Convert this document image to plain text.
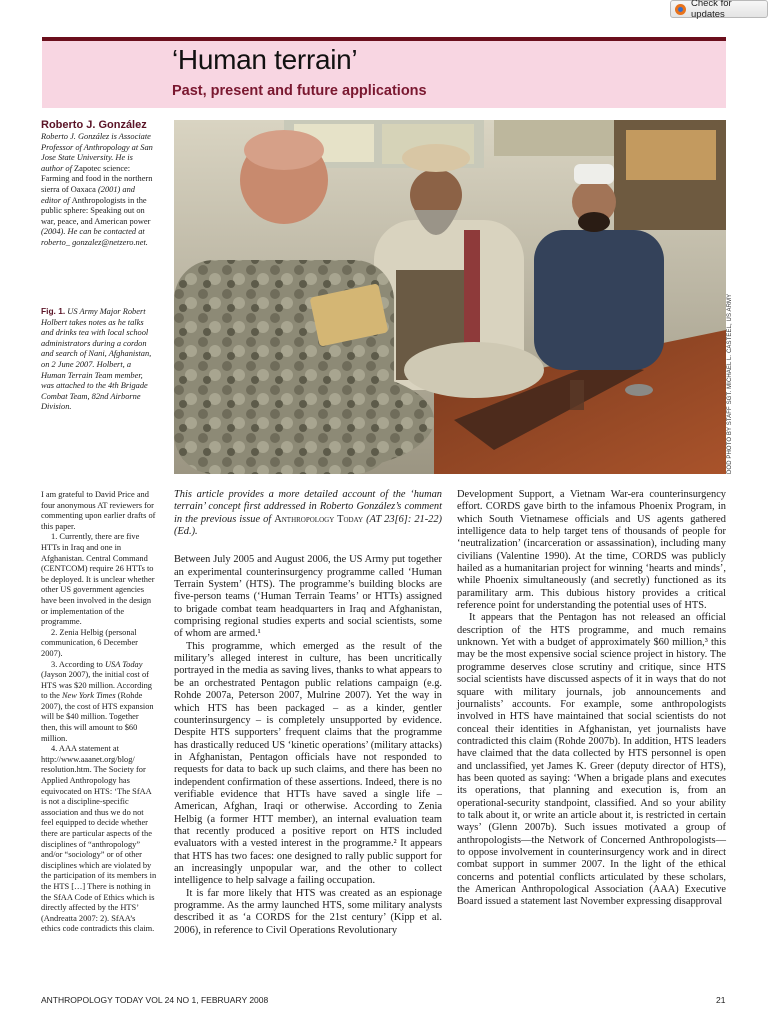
Check for updates
‘Human terrain’
Past, present and future applications
Roberto J. González
Roberto J. González is Associate Professor of Anthropology at San Jose State University. He is author of Zapotec science: Farming and food in the northern sierra of Oaxaca (2001) and editor of Anthropologists in the public sphere: Speaking out on war, peace, and American power (2004). He can be contacted at roberto_ gonzalez@netzero.net.
Fig. 1. US Army Major Robert Holbert takes notes as he talks and drinks tea with local school administrators during a cordon and search of Nani, Afghanistan, on 2 June 2007. Holbert, a Human Terrain Team member, was attached to the 4th Brigade Combat Team, 82nd Airborne Division.	DOD PHOTO BY STAFF SGT. MICHAEL L. CASTEEL, US ARMY

I am grateful to David Price and four anonymous AT reviewers for commenting upon earlier drafts of this paper.

1. Currently, there are five HTTs in Iraq and one in Afghanistan. Central Command (CENTCOM) require 26 HTTs to be deployed. It is unclear whether other US government agencies have been involved in the design or implementation of the programme.

2. Zenia Helbig (personal communication, 6 December 2007).

3. According to USA Today (Jayson 2007), the initial cost of HTS was $20 million. According to the New York Times (Rohde 2007), the cost of HTS expansion will be $40 million. Together then, this will amount to $60 million.

4. AAA statement at http://www.aaanet.org/blog/ resolution.htm. The Society for Applied Anthropology has equivocated on HTS: ‘The SfAA is not a discipline-specific association and thus we do not feel equipped to decide whether there are particular aspects of the disciplines of “anthropology” and/or “sociology” or of other disciplines which are violated by the participation of its members in the HTS […] There is nothing in the SfAA Code of Ethics which is directly affected by the HTS’ (Andreatta 2007: 2). SfAA’s ethics code contradicts this claim.

This article provides a more detailed account of the ‘human terrain’ concept first addressed in Roberto González’s comment in the previous issue of Anthropology Today (AT 23[6]: 21-22) (Ed.).

Between July 2005 and August 2006, the US Army put together an experimental counterinsurgency programme called ‘Human Terrain System’ (HTS). The programme’s building blocks are five-person teams (‘Human Terrain Teams’ or HTTs) assigned to brigade combat team headquarters in Iraq and Afghanistan, comprising regional studies experts and social scientists, some of whom are armed.¹

This programme, which emerged as the result of the military’s alleged interest in culture, has been uncritically portrayed in the media as saving lives, thanks to what appears to be an orchestrated Pentagon public relations campaign (e.g. Rohde 2007a, Peterson 2007, Mulrine 2007). Yet the way in which HTS has been packaged – as a kinder, gentler counterinsurgency – is completely unsupported by evidence. Despite HTS supporters’ frequent claims that the programme has drastically reduced US ‘kinetic operations’ (military attacks) in Afghanistan, Pentagon officials have not responded to requests for data to back up such claims, and there has been no independent confirmation of these assertions. Indeed, there is no verifiable evidence that HTTs have saved a single life – American, Afghan, Iraqi or otherwise. According to Zenia Helbig (a former HTT member), an internal evaluation team that recently produced a positive report on HTS included evaluators with a vested interest in the programme.² It appears that HTS has two faces: one designed to rally public support for an increasingly unpopular war, and the other to collect intelligence to help salvage a failing occupation.

It is far more likely that HTS was created as an espionage programme. As the army launched HTS, some military analysts described it as ‘a CORDS for the 21st century’ (Kipp et al. 2006), in reference to Civil Operations Revolutionary

Development Support, a Vietnam War-era counterinsurgency effort. CORDS gave birth to the infamous Phoenix Program, in which South Vietnamese officials and US agents gathered intelligence data to help target tens of thousands of people for ‘neutralization’ (incarceration or assassination), including many civilians (Valentine 1990). At the time, CORDS was publicly hailed as a humanitarian project for winning ‘hearts and minds’, while Phoenix simultaneously (and secretly) functioned as its paramilitary arm. This dubious history provides a critical reference point for understanding the potential uses of HTS.

It appears that the Pentagon has not released an official description of the HTS programme, and much remains unknown. Yet with a budget of approximately $60 million,³ this may be the most expensive social science project in history. The programme deserves close scrutiny and critique, since HTS social scientists have discussed aspects of it in ways that do not square with military journals, job announcements and journalists’ accounts. For example, some anthropologists involved in HTS have maintained that social scientists do not conceal their identities in Afghanistan, yet journalists have contradicted this claim (Rohde 2007b). In addition, HTS leaders have claimed that the data collected by HTS personnel is open and unclassified, yet James K. Greer (deputy director of HTS), has been quoted as saying: ‘When a brigade plans and executes its operations, that planning and execution is, from an operational-security standpoint, classified. And so your ability to talk about it, or write an article about it, is restricted in certain ways’ (Glenn 2007b). Such issues motivated a group of anthropologists—the Network of Concerned Anthropologists—to oppose involvement in counterinsurgency work and in direct combat support in summer 2007. In the light of the ethical concerns and potential conflicts articulated by these scholars, the American Anthropological Association (AAA) Executive Board issued a statement last November expressing disapproval

ANTHROPOLOGY TODAY VOL 24 NO 1, FEBRUARY 2008	21
